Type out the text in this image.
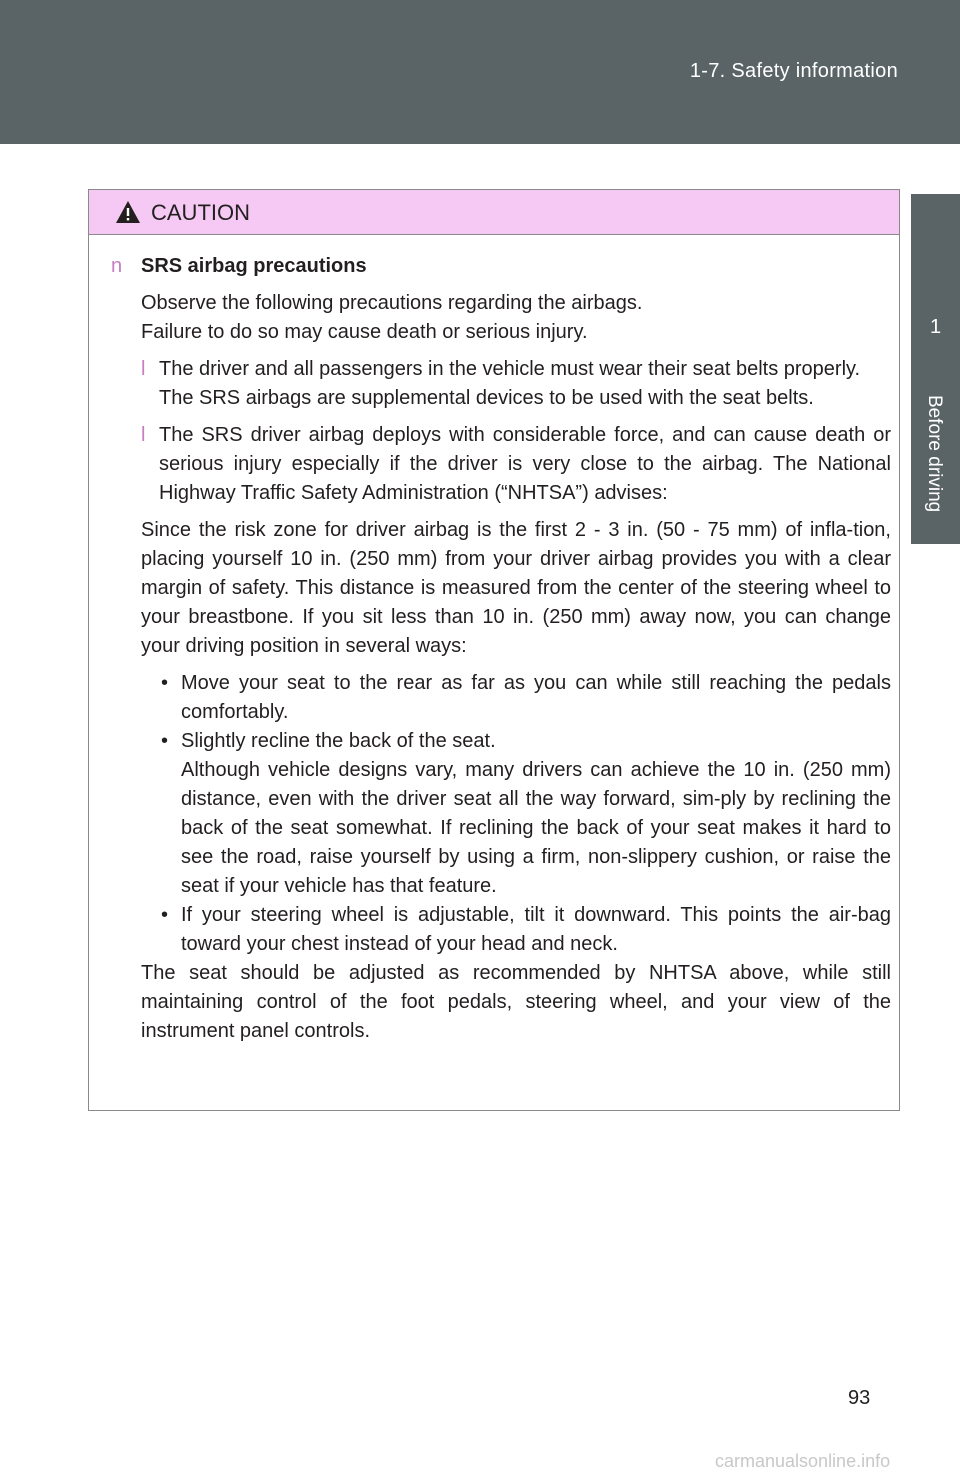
1-7. Safety information
1
Before driving
CAUTION
n SRS airbag precautions
Observe the following precautions regarding the airbags.
Failure to do so may cause death or serious injury.
l The driver and all passengers in the vehicle must wear their seat belts properly.
The SRS airbags are supplemental devices to be used with the seat belts.
l The SRS driver airbag deploys with considerable force, and can cause death or serious injury especially if the driver is very close to the airbag. The National Highway Traffic Safety Administration (“NHTSA”) advises:
Since the risk zone for driver airbag is the first 2 - 3 in. (50 - 75 mm) of infla-tion, placing yourself 10 in. (250 mm) from your driver airbag provides you with a clear margin of safety. This distance is measured from the center of the steering wheel to your breastbone. If you sit less than 10 in. (250 mm) away now, you can change your driving position in several ways:
• Move your seat to the rear as far as you can while still reaching the pedals comfortably.
• Slightly recline the back of the seat.
Although vehicle designs vary, many drivers can achieve the 10 in. (250 mm) distance, even with the driver seat all the way forward, sim-ply by reclining the back of the seat somewhat. If reclining the back of your seat makes it hard to see the road, raise yourself by using a firm, non-slippery cushion, or raise the seat if your vehicle has that feature.
• If your steering wheel is adjustable, tilt it downward. This points the air-bag toward your chest instead of your head and neck.
The seat should be adjusted as recommended by NHTSA above, while still maintaining control of the foot pedals, steering wheel, and your view of the instrument panel controls.
93
carmanualsonline.info
